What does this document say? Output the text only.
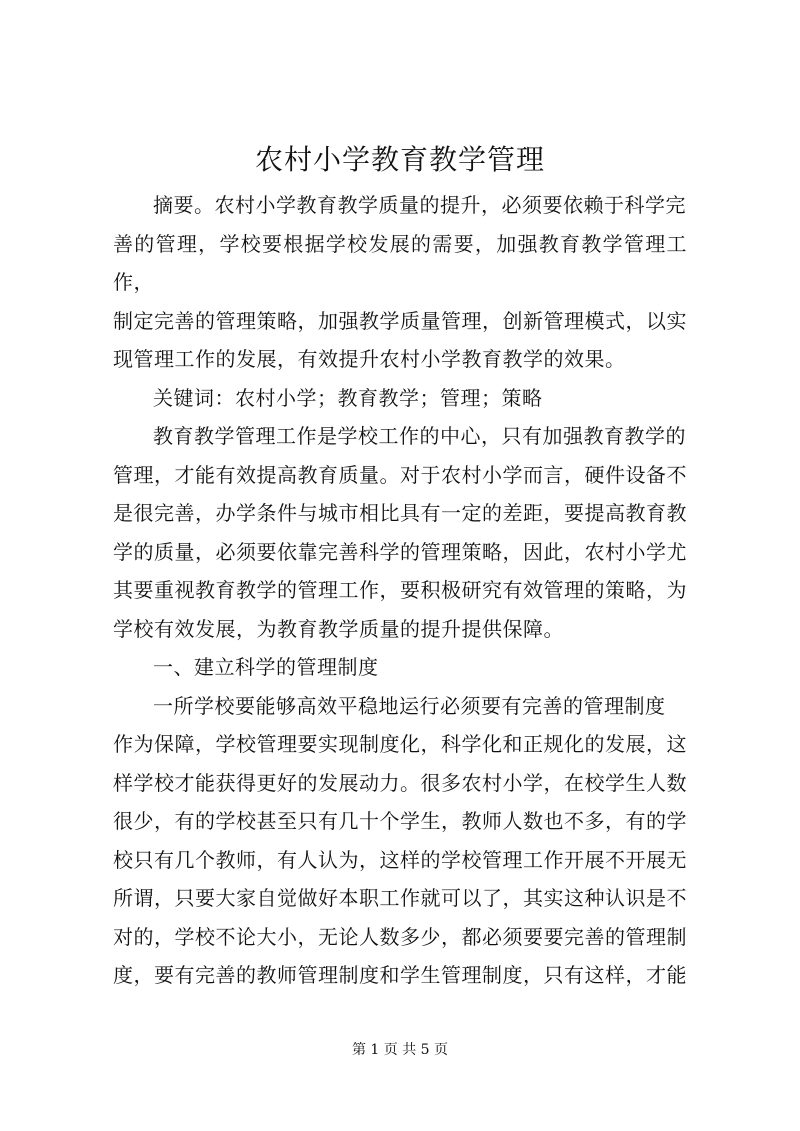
农村小学教育教学管理

摘要。农村小学教育教学质量的提升，必须要依赖于科学完
善的管理，学校要根据学校发展的需要，加强教育教学管理工作，
制定完善的管理策略，加强教学质量管理，创新管理模式，以实
现管理工作的发展，有效提升农村小学教育教学的效果。

关键词：农村小学；教育教学；管理；策略

教育教学管理工作是学校工作的中心，只有加强教育教学的
管理，才能有效提高教育质量。对于农村小学而言，硬件设备不
是很完善，办学条件与城市相比具有一定的差距，要提高教育教
学的质量，必须要依靠完善科学的管理策略，因此，农村小学尤
其要重视教育教学的管理工作，要积极研究有效管理的策略，为
学校有效发展，为教育教学质量的提升提供保障。

一、建立科学的管理制度

一所学校要能够高效平稳地运行必须要有完善的管理制度
作为保障，学校管理要实现制度化，科学化和正规化的发展，这
样学校才能获得更好的发展动力。很多农村小学，在校学生人数
很少，有的学校甚至只有几十个学生，教师人数也不多，有的学
校只有几个教师，有人认为，这样的学校管理工作开展不开展无
所谓，只要大家自觉做好本职工作就可以了，其实这种认识是不
对的，学校不论大小，无论人数多少，都必须要要完善的管理制
度，要有完善的教师管理制度和学生管理制度，只有这样，才能

第 1 页 共 5 页
